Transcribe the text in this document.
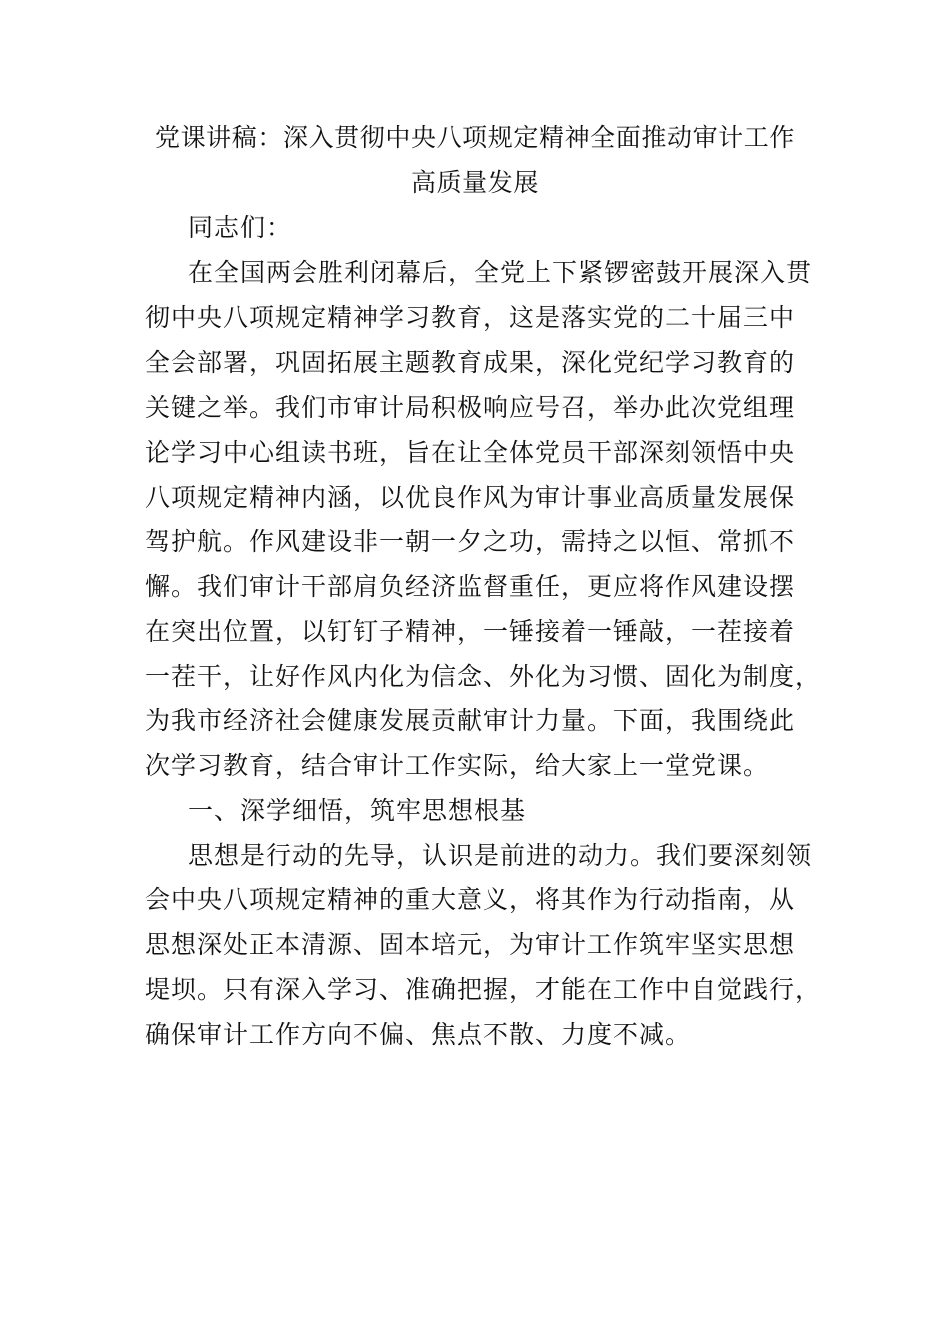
党课讲稿：深入贯彻中央八项规定精神全面推动审计工作
高质量发展
同志们：
在全国两会胜利闭幕后，全党上下紧锣密鼓开展深入贯
彻中央八项规定精神学习教育，这是落实党的二十届三中
全会部署，巩固拓展主题教育成果，深化党纪学习教育的
关键之举。我们市审计局积极响应号召，举办此次党组理
论学习中心组读书班，旨在让全体党员干部深刻领悟中央
八项规定精神内涵，以优良作风为审计事业高质量发展保
驾护航。作风建设非一朝一夕之功，需持之以恒、常抓不
懈。我们审计干部肩负经济监督重任，更应将作风建设摆
在突出位置，以钉钉子精神，一锤接着一锤敲，一茬接着
一茬干，让好作风内化为信念、外化为习惯、固化为制度，
为我市经济社会健康发展贡献审计力量。下面，我围绕此
次学习教育，结合审计工作实际，给大家上一堂党课。
一、深学细悟，筑牢思想根基
思想是行动的先导，认识是前进的动力。我们要深刻领
会中央八项规定精神的重大意义，将其作为行动指南，从
思想深处正本清源、固本培元，为审计工作筑牢坚实思想
堤坝。只有深入学习、准确把握，才能在工作中自觉践行，
确保审计工作方向不偏、焦点不散、力度不减。
